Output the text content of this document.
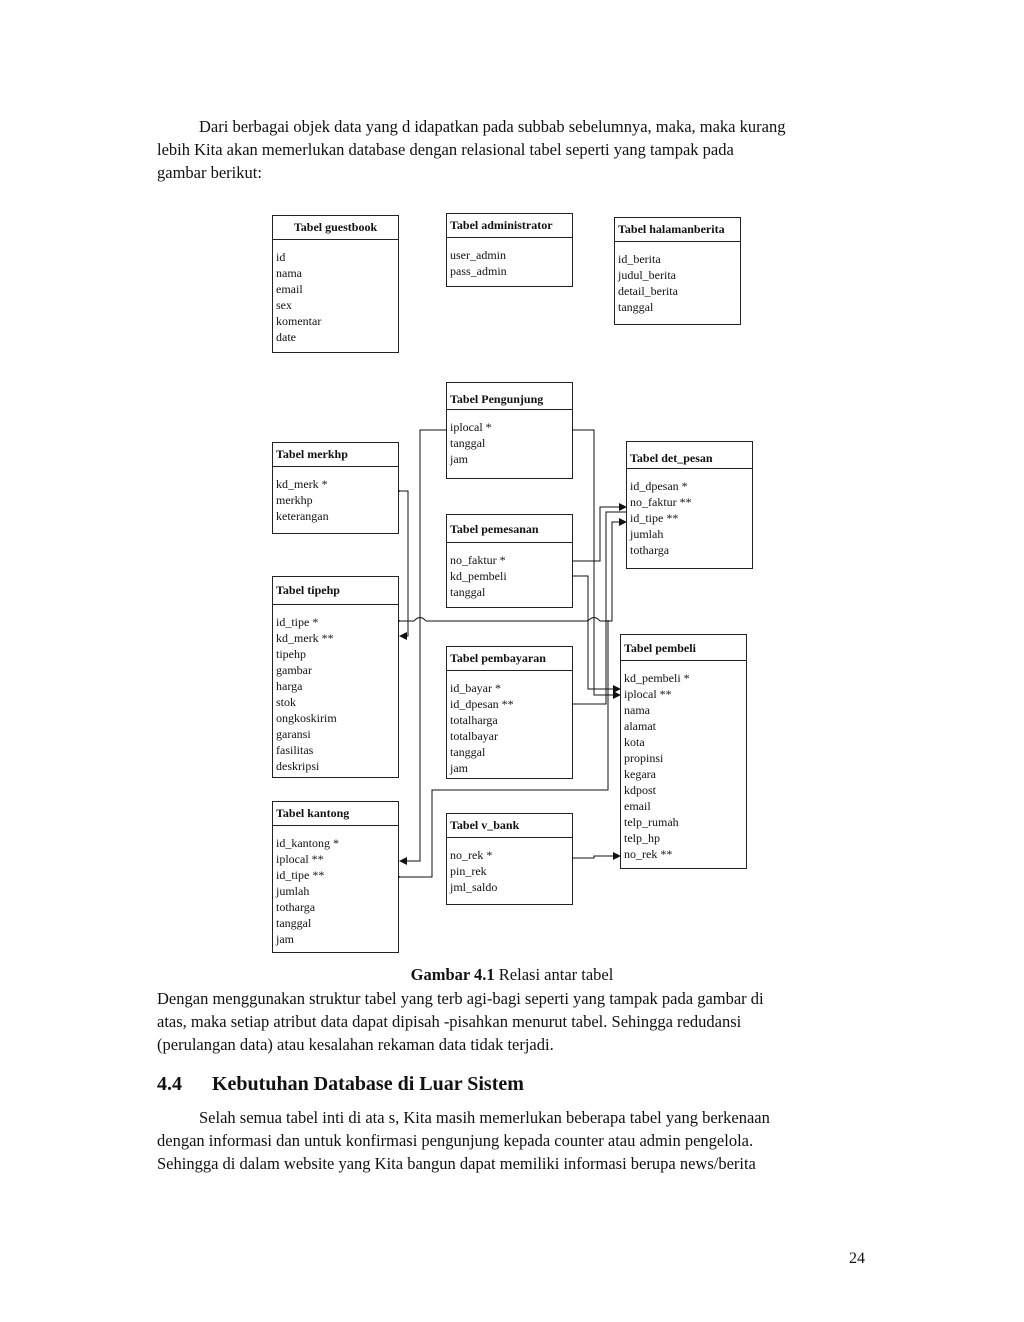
Dari berbagai objek data yang d idapatkan pada subbab sebelumnya, maka, maka kurang
lebih Kita akan memerlukan database dengan relasional tabel seperti yang tampak pada
gambar berikut:

Tabel guestbook
id
nama
email
sex
komentar
date
Tabel administrator
user_admin
pass_admin
Tabel halamanberita
id_berita
judul_berita
detail_berita
tanggal
Tabel Pengunjung
iplocal *
tanggal
jam
Tabel merkhp
kd_merk *
merkhp
keterangan
Tabel det_pesan
id_dpesan *
no_faktur **
id_tipe **
jumlah
totharga
Tabel pemesanan
no_faktur *
kd_pembeli
tanggal
Tabel tipehp
id_tipe *
kd_merk **
tipehp
gambar
harga
stok
ongkoskirim
garansi
fasilitas
deskripsi
Tabel pembeli
kd_pembeli *
iplocal **
nama
alamat
kota
propinsi
kegara
kdpost
email
telp_rumah
telp_hp
no_rek **
Tabel pembayaran
id_bayar *
id_dpesan **
totalharga
totalbayar
tanggal
jam
Tabel kantong
id_kantong *
iplocal **
id_tipe **
jumlah
totharga
tanggal
jam
Tabel v_bank
no_rek *
pin_rek
jml_saldo
Gambar 4.1 Relasi antar tabel

Dengan menggunakan struktur tabel yang terb agi-bagi seperti yang tampak pada gambar di
atas, maka setiap atribut data dapat dipisah -pisahkan menurut tabel. Sehingga redudansi
(perulangan data) atau kesalahan rekaman data tidak terjadi.

4.4 Kebutuhan Database di Luar Sistem

Selah semua tabel inti di ata s, Kita masih memerlukan beberapa tabel yang berkenaan
dengan informasi dan untuk konfirmasi pengunjung kepada counter atau admin pengelola.
Sehingga di dalam website yang Kita bangun dapat memiliki informasi berupa news/berita

24
